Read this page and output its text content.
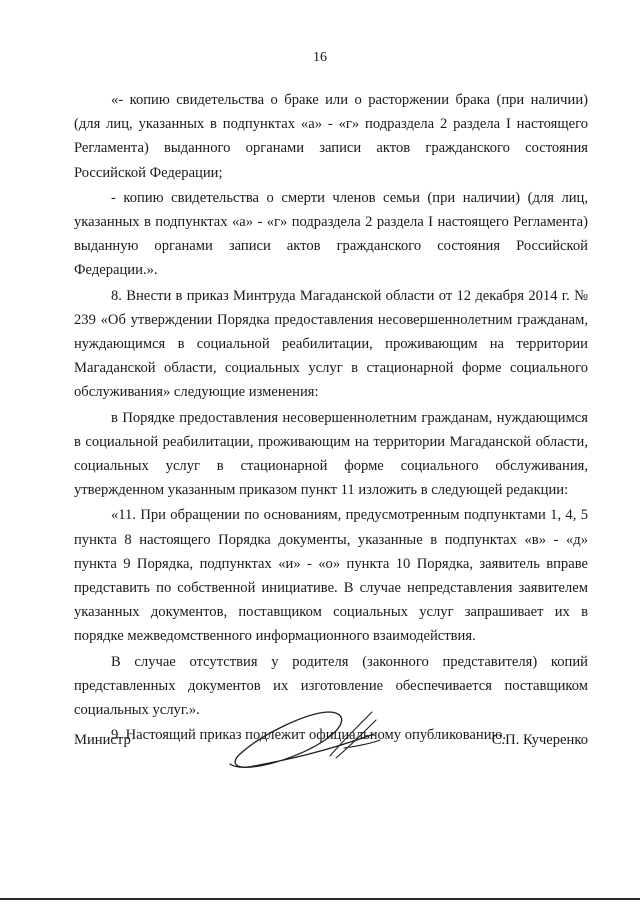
16

«- копию свидетельства о браке или о расторжении брака (при наличии) (для лиц, указанных в подпунктах «а» - «г» подраздела 2 раздела I настоящего Регламента) выданного органами записи актов гражданского состояния Российской Федерации;

- копию свидетельства о смерти членов семьи (при наличии) (для лиц, указанных в подпунктах «а» - «г» подраздела 2 раздела I настоящего Регламента) выданную органами записи актов гражданского состояния Российской Федерации.».

8. Внести в приказ Минтруда Магаданской области от 12 декабря 2014 г. № 239 «Об утверждении Порядка предоставления несовершеннолетним гражданам, нуждающимся в социальной реабилитации, проживающим на территории Магаданской области, социальных услуг в стационарной форме социального обслуживания» следующие изменения:

в Порядке предоставления несовершеннолетним гражданам, нуждающимся в социальной реабилитации, проживающим на территории Магаданской области, социальных услуг в стационарной форме социального обслуживания, утвержденном указанным приказом пункт 11 изложить в следующей редакции:

«11. При обращении по основаниям, предусмотренным подпунктами 1, 4, 5 пункта 8 настоящего Порядка документы, указанные в подпунктах «в» - «д» пункта 9 Порядка, подпунктах «и» - «о» пункта 10 Порядка, заявитель вправе представить по собственной инициативе. В случае непредставления заявителем указанных документов, поставщиком социальных услуг запрашивает их в порядке межведомственного информационного взаимодействия.

В случае отсутствия у родителя (законного представителя) копий представленных документов их изготовление обеспечивается поставщиком социальных услуг.».

9. Настоящий приказ подлежит официальному опубликованию.

Министр	С.П. Кучеренко
